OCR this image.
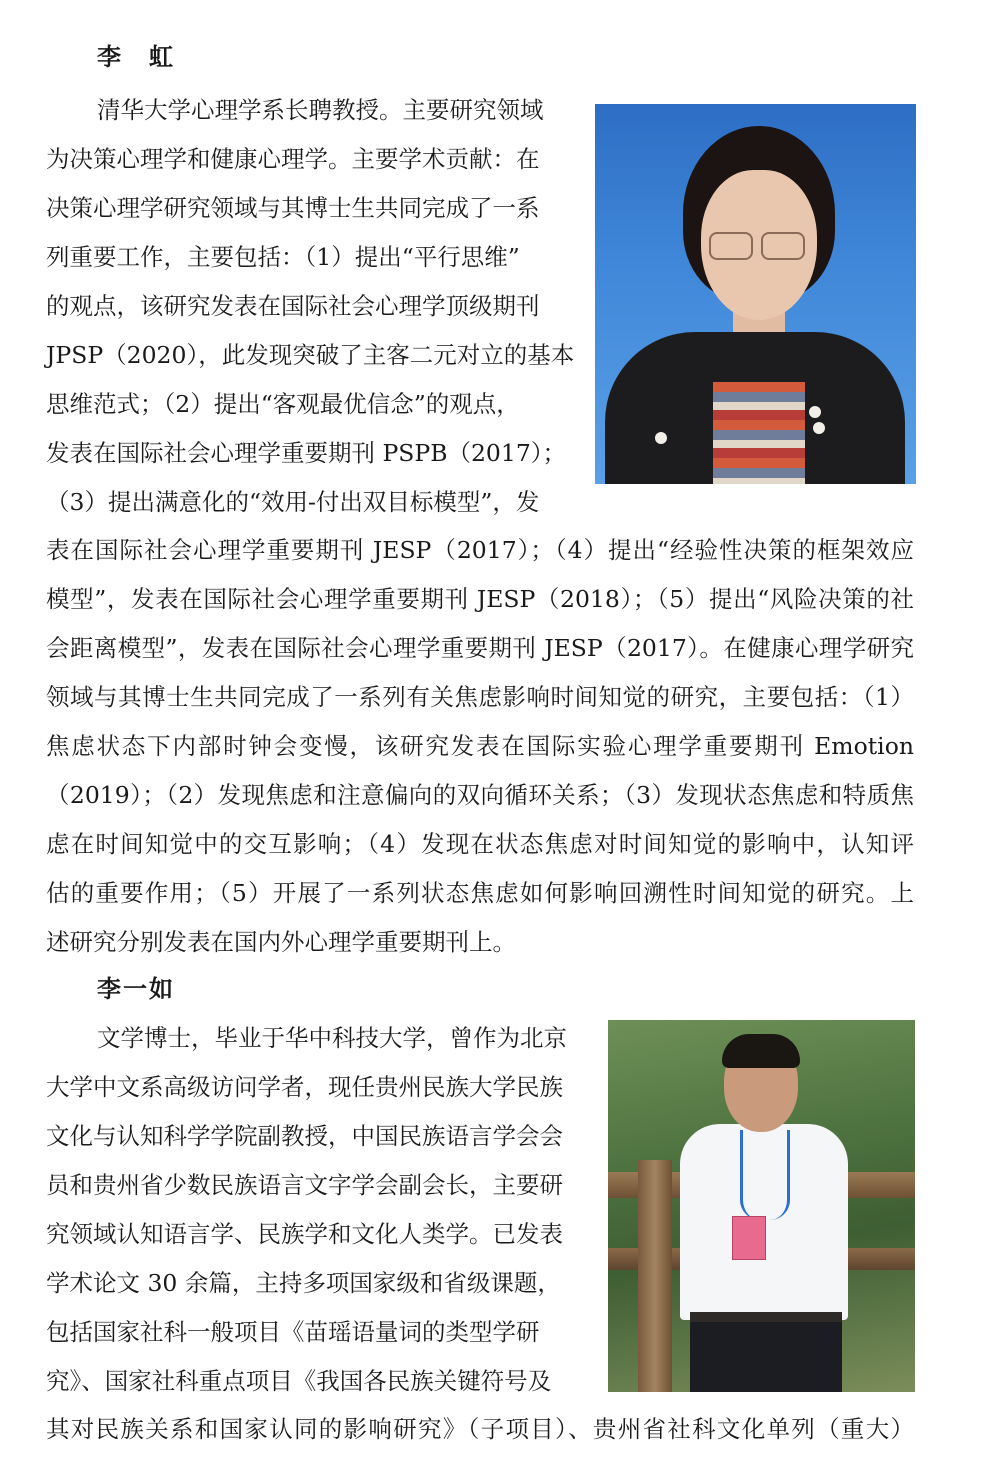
李　虹

清华大学心理学系长聘教授。主要研究领域

为决策心理学和健康心理学。主要学术贡献：在

决策心理学研究领域与其博士生共同完成了一系

列重要工作，主要包括：（1）提出“平行思维”

的观点，该研究发表在国际社会心理学顶级期刊

JPSP（2020），此发现突破了主客二元对立的基本

思维范式；（2）提出“客观最优信念”的观点，

发表在国际社会心理学重要期刊 PSPB（2017）；

（3）提出满意化的“效用-付出双目标模型”，发

表在国际社会心理学重要期刊 JESP（2017）；（4）提出“经验性决策的框架效应

模型”，发表在国际社会心理学重要期刊 JESP（2018）；（5）提出“风险决策的社

会距离模型”，发表在国际社会心理学重要期刊 JESP（2017）。在健康心理学研究

领域与其博士生共同完成了一系列有关焦虑影响时间知觉的研究，主要包括：（1）

焦虑状态下内部时钟会变慢，该研究发表在国际实验心理学重要期刊 Emotion

（2019）；（2）发现焦虑和注意偏向的双向循环关系；（3）发现状态焦虑和特质焦

虑在时间知觉中的交互影响；（4）发现在状态焦虑对时间知觉的影响中，认知评

估的重要作用；（5）开展了一系列状态焦虑如何影响回溯性时间知觉的研究。上

述研究分别发表在国内外心理学重要期刊上。

李一如

文学博士，毕业于华中科技大学，曾作为北京

大学中文系高级访问学者，现任贵州民族大学民族

文化与认知科学学院副教授，中国民族语言学会会

员和贵州省少数民族语言文字学会副会长，主要研

究领域认知语言学、民族学和文化人类学。已发表

学术论文 30 余篇，主持多项国家级和省级课题，

包括国家社科一般项目《苗瑶语量词的类型学研

究》、国家社科重点项目《我国各民族关键符号及

其对民族关系和国家认同的影响研究》（子项目）、贵州省社科文化单列（重大）
